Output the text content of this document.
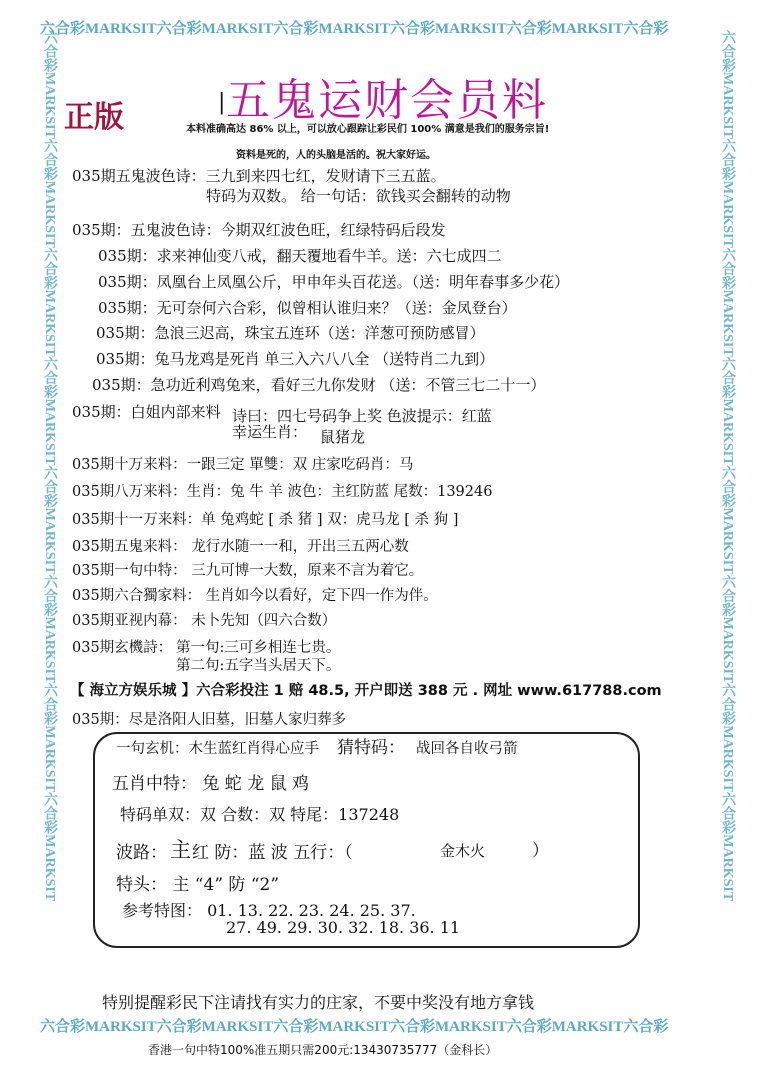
六合彩MARKSIT六合彩MARKSIT六合彩MARKSIT六合彩MARKSIT六合彩MARKSIT六合彩
六合彩MARKSIT六合彩MARKSIT六合彩MARKSIT六合彩MARKSIT六合彩MARKSIT六合彩
六合彩MARKSIT六合彩MARKSIT六合彩MARKSIT六合彩MARKSIT六合彩MARKSIT六合彩MARKSIT六合彩MARKSIT六合彩MARKSIT	六合彩MARKSIT六合彩MARKSIT六合彩MARKSIT六合彩MARKSIT六合彩MARKSIT六合彩MARKSIT六合彩MARKSIT六合彩MARKSIT
正版	| 五鬼运财会员料
本料准确高达 86% 以上，可以放心跟踪让彩民们 100% 满意是我们的服务宗旨!
资料是死的，人的头脑是活的。祝大家好运。
035期五鬼波色诗：三九到来四七红，发财请下三五蓝。
特码为双数。 给一句话：欲钱买会翻转的动物
035期：五鬼波色诗：今期双红波色旺，红绿特码后段发
035期：求来神仙变八戒，翻天覆地看牛羊。送：六七成四二
035期：凤凰台上凤凰公斤，甲申年头百花送。（送：明年春事多少花）
035期：无可奈何六合彩，似曾相认谁归来？（送：金凤登台）
035期：急浪三迟高，珠宝五连环（送：洋葱可预防感冒）
035期：兔马龙鸡是死肖 单三入六八八全 （送特肖二九到）
035期：急功近利鸡兔来，看好三九你发财 （送：不管三七二十一）
035期：白姐内部来料 诗曰：四七号码争上奖 色波提示：红蓝
幸运生肖： 鼠猪龙
035期十万来料：一跟三定 單雙：双 庄家吃码肖：马
035期八万来料：生肖：兔 牛 羊 波色：主红防蓝 尾数：139246
035期十一万来料：单 兔鸡蛇 [ 杀 猪 ] 双：虎马龙 [ 杀 狗 ]
035期五鬼来料： 龙行水随一一和，开出三五两心数
035期一句中特： 三九可博一大数，原来不言为着它。
035期六合獨家料： 生肖如今以看好，定下四一作为伴。
035期亚视内幕： 未卜先知（四六合数）
035期玄機詩： 第一句:三可乡相连七贵。
第二句:五字当头居天下。
【 海立方娱乐城 】六合彩投注 1 赔 48.5, 开户即送 388 元 . 网址 www.617788.com
035期：尽是洛阳人旧墓，旧墓人家归葬多
一句玄机：木生蓝红肖得心应手 猜特码： 战回各自收弓箭
五肖中特： 兔 蛇 龙 鼠 鸡
特码单双：双 合数：双 特尾：137248
波路： 主 红 防：蓝 波 五行：（	金木火	）
特头： 主 “4” 防 “2”
参考特图： 01. 13. 22. 23. 24. 25. 37.
27. 49. 29. 30. 32. 18. 36. 11
特别提醒彩民下注请找有实力的庄家，不要中奖没有地方拿钱
香港一句中特100%准五期只需200元:13430735777（金科长）
